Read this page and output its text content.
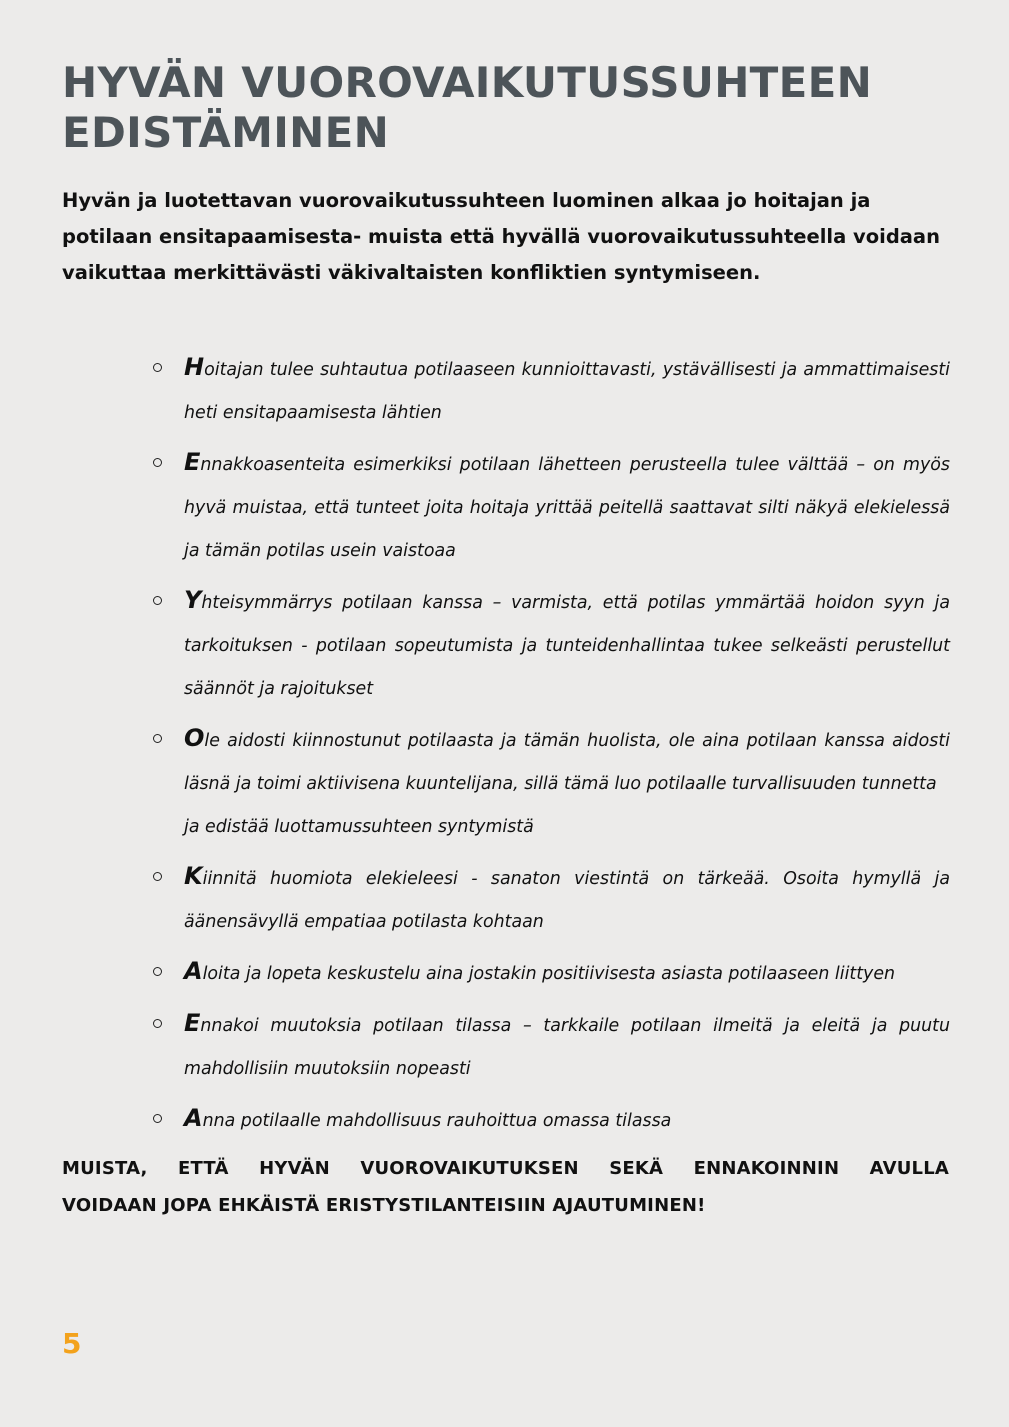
HYVÄN VUOROVAIKUTUSSUHTEEN
EDISTÄMINEN

Hyvän ja luotettavan vuorovaikutussuhteen luominen alkaa jo hoitajan ja
potilaan ensitapaamisesta- muista että hyvällä vuorovaikutussuhteella voidaan
vaikuttaa merkittävästi väkivaltaisten konfliktien syntymiseen.

Hoitajan tulee suhtautua potilaaseen kunnioittavasti, ystävällisesti ja ammattimaisesti
heti ensitapaamisesta lähtien
Ennakkoasenteita esimerkiksi potilaan lähetteen perusteella tulee välttää – on myös
hyvä muistaa, että tunteet joita hoitaja yrittää peitellä saattavat silti näkyä elekielessä
ja tämän potilas usein vaistoaa
Yhteisymmärrys potilaan kanssa – varmista, että potilas ymmärtää hoidon syyn ja
tarkoituksen - potilaan sopeutumista ja tunteidenhallintaa tukee selkeästi perustellut
säännöt ja rajoitukset
Ole aidosti kiinnostunut potilaasta ja tämän huolista, ole aina potilaan kanssa aidosti
läsnä ja toimi aktiivisena kuuntelijana, sillä tämä luo potilaalle turvallisuuden tunnetta
ja edistää luottamussuhteen syntymistä
Kiinnitä huomiota elekieleesi - sanaton viestintä on tärkeää. Osoita hymyllä ja
äänensävyllä empatiaa potilasta kohtaan
Aloita ja lopeta keskustelu aina jostakin positiivisesta asiasta potilaaseen liittyen
Ennakoi muutoksia potilaan tilassa – tarkkaile potilaan ilmeitä ja eleitä ja puutu
mahdollisiin muutoksiin nopeasti
Anna potilaalle mahdollisuus rauhoittua omassa tilassa

MUISTA, ETTÄ HYVÄN VUOROVAIKUTUKSEN SEKÄ ENNAKOINNIN AVULLA
VOIDAAN JOPA EHKÄISTÄ ERISTYSTILANTEISIIN AJAUTUMINEN!

5
